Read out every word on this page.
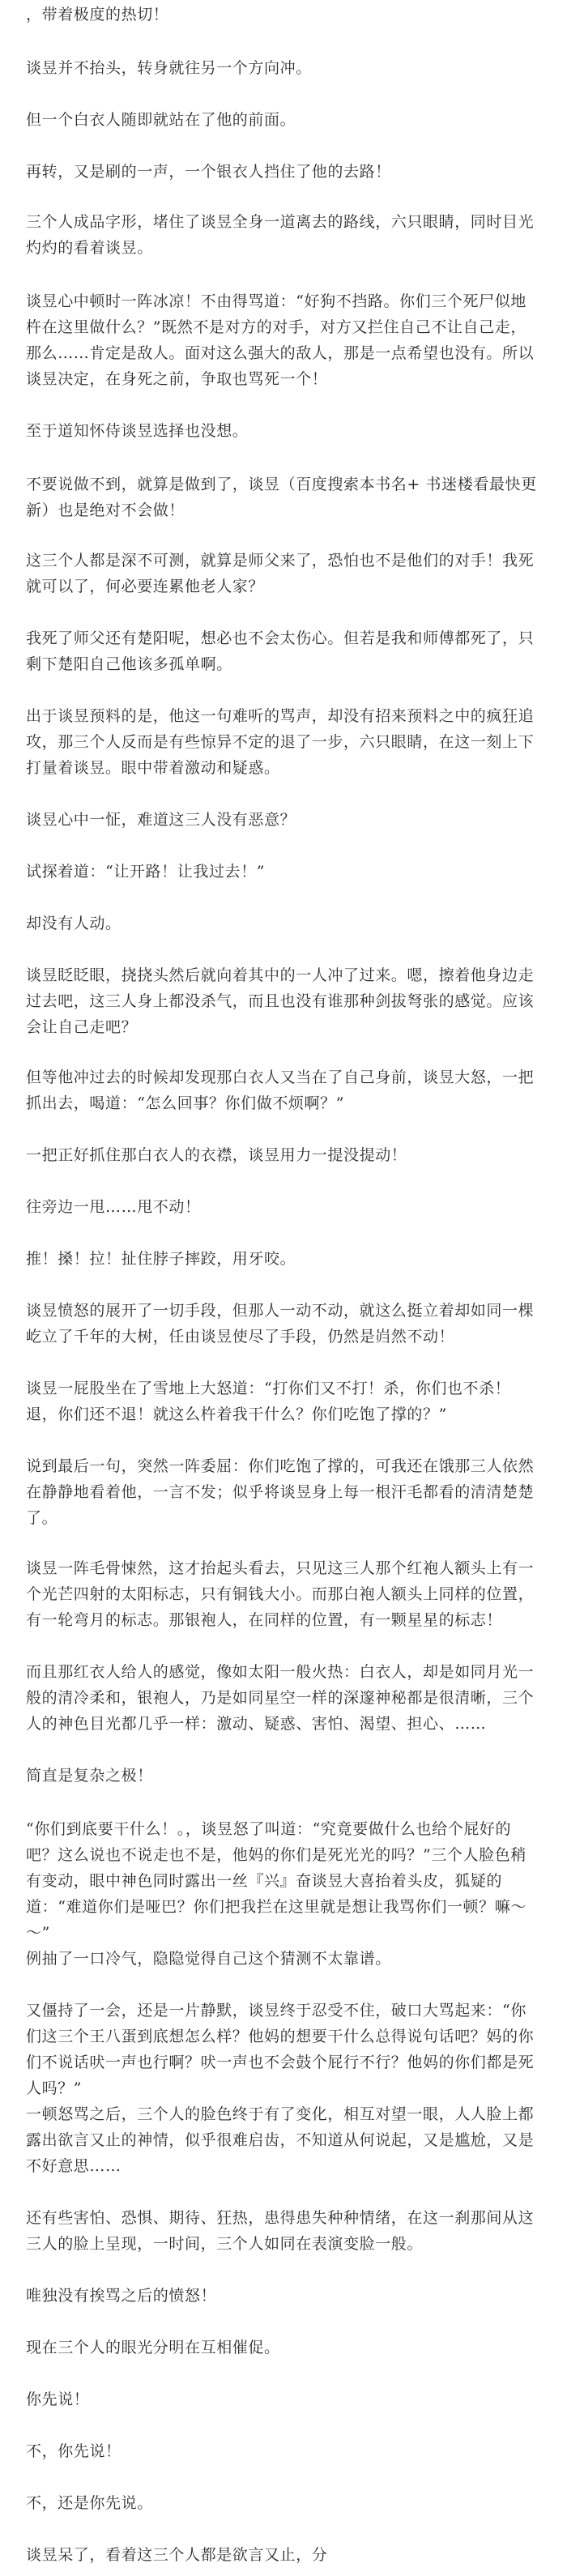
，带着极度的热切！

谈昱并不抬头，转身就往另一个方向冲。

但一个白衣人随即就站在了他的前面。

再转，又是刷的一声，一个银衣人挡住了他的去路！

三个人成品字形，堵住了谈昱全身一道离去的路线，六只眼睛，同时目光灼灼的看着谈昱。

谈昱心中顿时一阵冰凉！不由得骂道：“好狗不挡路。你们三个死尸似地杵在这里做什么？”既然不是对方的对手，对方又拦住自己不让自己走，那么……肯定是敌人。面对这么强大的敌人，那是一点希望也没有。所以谈昱决定，在身死之前，争取也骂死一个！

至于道知怀侍谈昱选择也没想。

不要说做不到，就算是做到了，谈昱（百度搜索本书名+ 书迷楼看最快更新）也是绝对不会做！

这三个人都是深不可测，就算是师父来了，恐怕也不是他们的对手！我死就可以了，何必要连累他老人家？

我死了师父还有楚阳呢，想必也不会太伤心。但若是我和师傅都死了，只剩下楚阳自己他该多孤单啊。

出于谈昱预料的是，他这一句难听的骂声，却没有招来预料之中的疯狂追攻，那三个人反而是有些惊异不定的退了一步，六只眼睛，在这一刻上下打量着谈昱。眼中带着激动和疑惑。

谈昱心中一怔，难道这三人没有恶意？

试探着道：“让开路！让我过去！”

却没有人动。

谈昱眨眨眼，挠挠头然后就向着其中的一人冲了过来。嗯，擦着他身边走过去吧，这三人身上都没杀气，而且也没有谁那种剑拔弩张的感觉。应该会让自己走吧？

但等他冲过去的时候却发现那白衣人又当在了自己身前，谈昱大怒，一把抓出去，喝道：“怎么回事？你们做不烦啊？”

一把正好抓住那白衣人的衣襟，谈昱用力一提没提动！

往旁边一甩……甩不动！

推！搡！拉！扯住脖子摔跤，用牙咬。

谈昱愤怒的展开了一切手段，但那人一动不动，就这么挺立着却如同一棵屹立了千年的大树，任由谈昱使尽了手段，仍然是岿然不动！

谈昱一屁股坐在了雪地上大怒道：“打你们又不打！杀，你们也不杀！退，你们还不退！就这么杵着我干什么？你们吃饱了撑的？”

说到最后一句，突然一阵委屈：你们吃饱了撑的，可我还在饿那三人依然在静静地看着他，一言不发；似乎将谈昱身上每一根汗毛都看的清清楚楚了。

谈昱一阵毛骨悚然，这才抬起头看去，只见这三人那个红袍人额头上有一个光芒四射的太阳标志，只有铜钱大小。而那白袍人额头上同样的位置，有一轮弯月的标志。那银袍人，在同样的位置，有一颗星星的标志！

而且那红衣人给人的感觉，像如太阳一般火热：白衣人，却是如同月光一般的清冷柔和，银袍人，乃是如同星空一样的深邃神秘都是很清晰，三个人的神色目光都几乎一样：激动、疑惑、害怕、渴望、担心、……

简直是复杂之极！

“你们到底要干什么！。，谈昱怒了叫道：“究竟要做什么也给个屁好的吧？这么说也不说走也不是，他妈的你们是死光光的吗？”三个人脸色稍有变动，眼中神色同时露出一丝『兴』奋谈昱大喜抬着头皮，狐疑的道：“难道你们是哑巴？你们把我拦在这里就是想让我骂你们一顿？嘛～～”

例抽了一口冷气，隐隐觉得自己这个猜测不太靠谱。

又僵持了一会，还是一片静默，谈昱终于忍受不住，破口大骂起来：“你们这三个王八蛋到底想怎么样？他妈的想要干什么总得说句话吧？妈的你们不说话吠一声也行啊？吠一声也不会鼓个屁行不行？他妈的你们都是死人吗？”

一顿怒骂之后，三个人的脸色终于有了变化，相互对望一眼，人人脸上都露出欲言又止的神情，似乎很难启齿，不知道从何说起，又是尴尬，又是不好意思……

还有些害怕、恐惧、期待、狂热，患得患失种种情绪，在这一刹那间从这三人的脸上呈现，一时间，三个人如同在表演变脸一般。

唯独没有挨骂之后的愤怒！

现在三个人的眼光分明在互相催促。

你先说！

不，你先说！

不，还是你先说。

谈昱呆了，看着这三个人都是欲言又止，分
